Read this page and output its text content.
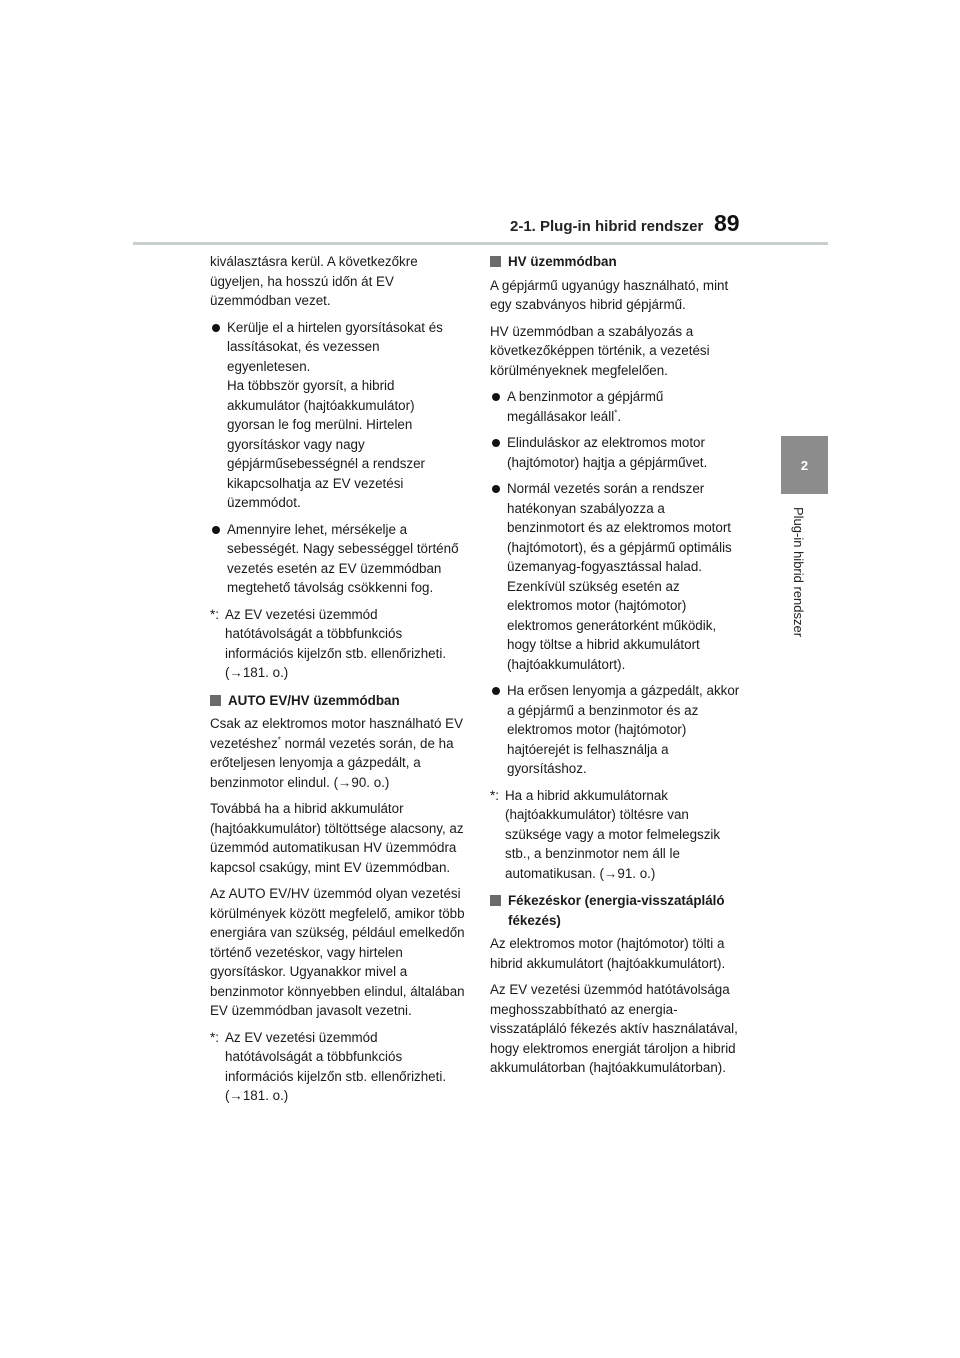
2-1. Plug-in hibrid rendszer 89
2
Plug-in hibrid rendszer

kiválasztásra kerül. A következőkre ügyeljen, ha hosszú időn át EV üzemmódban vezet.

Kerülje el a hirtelen gyorsításokat és lassításokat, és vezessen egyenletesen.
Ha többször gyorsít, a hibrid akkumulátor (hajtóakkumulátor) gyorsan le fog merülni. Hirtelen gyorsításkor vagy nagy gépjárműsebességnél a rendszer kikapcsolhatja az EV vezetési üzemmódot.
Amennyire lehet, mérsékelje a sebességét. Nagy sebességgel történő vezetés esetén az EV üzemmódban megtehető távolság csökkenni fog.
*: Az EV vezetési üzemmód hatótávolságát a többfunkciós információs kijelzőn stb. ellenőrizheti. (→181. o.)
AUTO EV/HV üzemmódban

Csak az elektromos motor használható EV vezetéshez* normál vezetés során, de ha erőteljesen lenyomja a gázpedált, a benzinmotor elindul. (→90. o.)

Továbbá ha a hibrid akkumulátor (hajtóakkumulátor) töltöttsége alacsony, az üzemmód automatikusan HV üzemmódra kapcsol csakúgy, mint EV üzemmódban.

Az AUTO EV/HV üzemmód olyan vezetési körülmények között megfelelő, amikor több energiára van szükség, például emelkedőn történő vezetéskor, vagy hirtelen gyorsításkor. Ugyanakkor mivel a benzinmotor könnyebben elindul, általában EV üzemmódban javasolt vezetni.

*: Az EV vezetési üzemmód hatótávolságát a többfunkciós információs kijelzőn stb. ellenőrizheti. (→181. o.)
HV üzemmódban

A gépjármű ugyanúgy használható, mint egy szabványos hibrid gépjármű.

HV üzemmódban a szabályozás a következőképpen történik, a vezetési körülményeknek megfelelően.

A benzinmotor a gépjármű megállásakor leáll*.
Elinduláskor az elektromos motor (hajtómotor) hajtja a gépjárművet.
Normál vezetés során a rendszer hatékonyan szabályozza a benzinmotort és az elektromos motort (hajtómotort), és a gépjármű optimális üzemanyag-fogyasztással halad. Ezenkívül szükség esetén az elektromos motor (hajtómotor) elektromos generátorként működik, hogy töltse a hibrid akkumulátort (hajtóakkumulátort).
Ha erősen lenyomja a gázpedált, akkor a gépjármű a benzinmotor és az elektromos motor (hajtómotor) hajtóerejét is felhasználja a gyorsításhoz.
*: Ha a hibrid akkumulátornak (hajtóakkumulátor) töltésre van szüksége vagy a motor felmelegszik stb., a benzinmotor nem áll le automatikusan. (→91. o.)
Fékezéskor (energia-visszatápláló fékezés)

Az elektromos motor (hajtómotor) tölti a hibrid akkumulátort (hajtóakkumulátort).

Az EV vezetési üzemmód hatótávolsága meghosszabbítható az energia-visszatápláló fékezés aktív használatával, hogy elektromos energiát tároljon a hibrid akkumulátorban (hajtóakkumulátorban).
